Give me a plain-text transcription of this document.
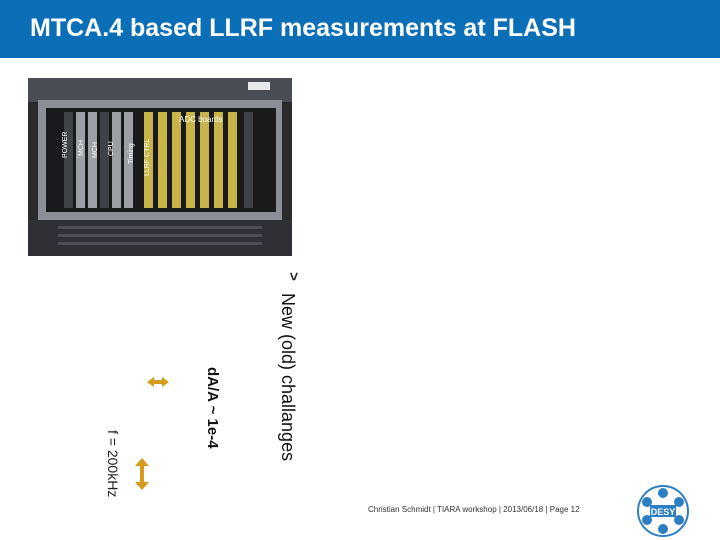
MTCA.4 based LLRF measurements at FLASH
ADC boards
POWER MCH MCH CPU Timing LLRF CTRL
>
New (old) challanges
dA/A ~ 1e-4
f = 200kHz
Christian Schmidt | TIARA workshop | 2013/06/18 | Page 12	DESY
